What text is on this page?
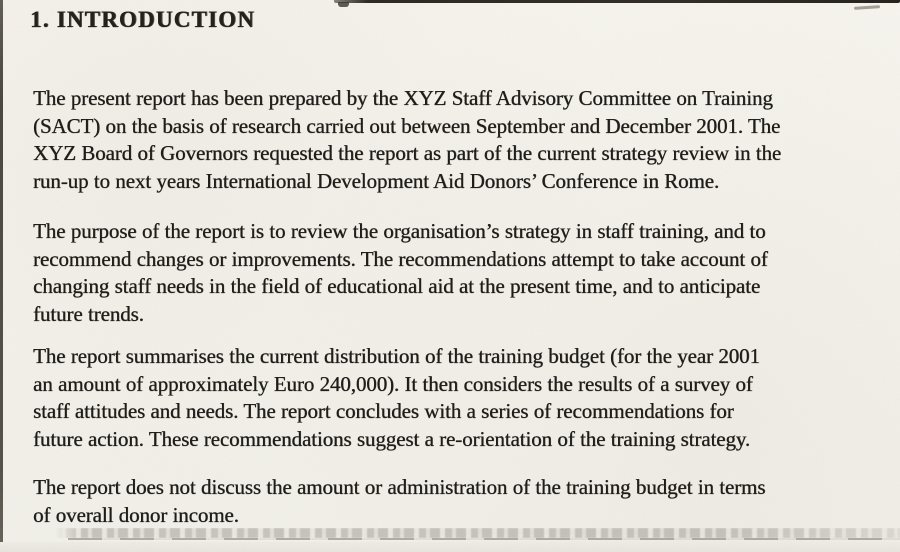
1. INTRODUCTION
The present report has been prepared by the XYZ Staff Advisory Committee on Training
(SACT) on the basis of research carried out between September and December 2001. The
XYZ Board of Governors requested the report as part of the current strategy review in the
run-up to next years International Development Aid Donors’ Conference in Rome.
The purpose of the report is to review the organisation’s strategy in staff training, and to
recommend changes or improvements. The recommendations attempt to take account of
changing staff needs in the field of educational aid at the present time, and to anticipate
future trends.
The report summarises the current distribution of the training budget (for the year 2001
an amount of approximately Euro 240,000). It then considers the results of a survey of
staff attitudes and needs. The report concludes with a series of recommendations for
future action. These recommendations suggest a re-orientation of the training strategy.
The report does not discuss the amount or administration of the training budget in terms
of overall donor income.
